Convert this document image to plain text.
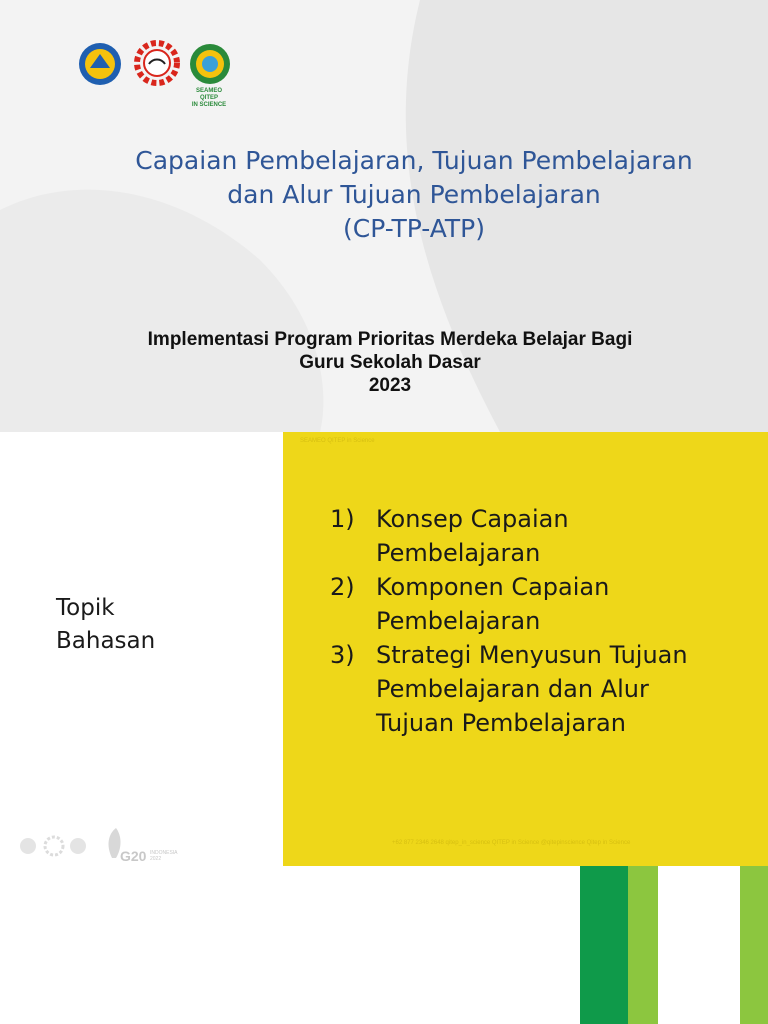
SEAMEO
QITEP
IN SCIENCE
Capaian Pembelajaran, Tujuan Pembelajaran
dan Alur Tujuan Pembelajaran
(CP-TP-ATP)
Implementasi Program Prioritas Merdeka Belajar Bagi
Guru Sekolah Dasar
2023
SEAMEO QITEP in Science
Topik
Bahasan
1) Konsep Capaian
Pembelajaran
2) Komponen Capaian
Pembelajaran
3) Strategi Menyusun Tujuan
Pembelajaran dan Alur
Tujuan Pembelajaran
+62 877 2346 2648 qitep_in_science QITEP in Science @qitepinscience Qitep in Science
G20 INDONESIA
2022
